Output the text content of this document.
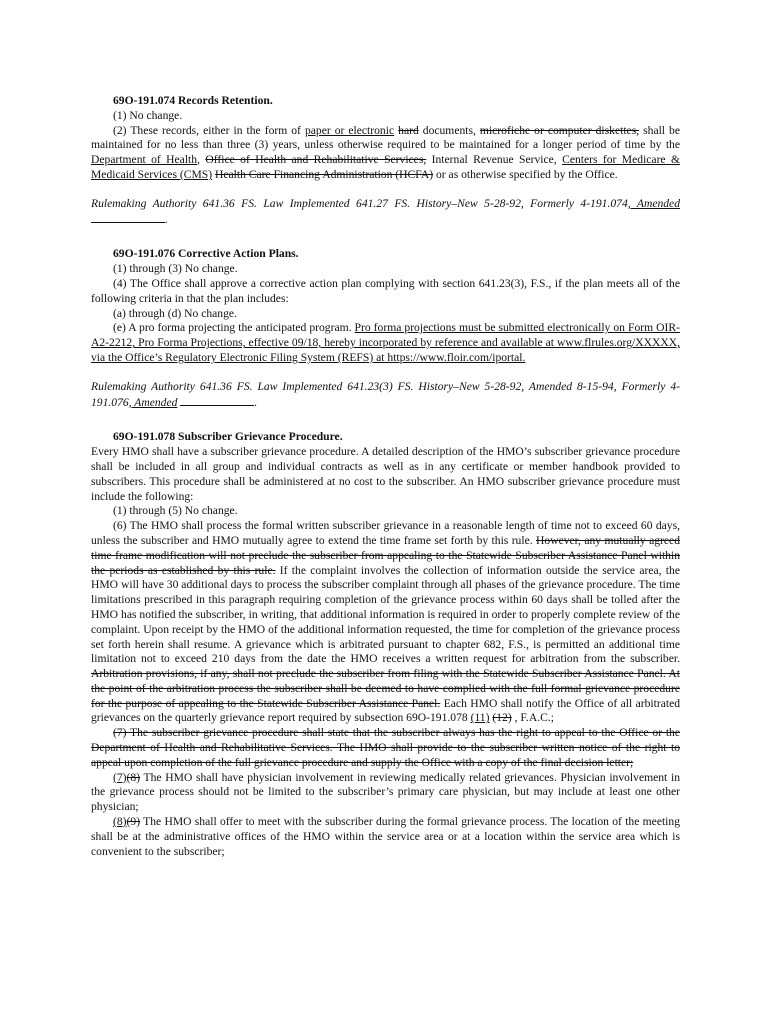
69O-191.074 Records Retention.

(1) No change.

(2) These records, either in the form of paper or electronic hard documents, microfiche or computer diskettes, shall be maintained for no less than three (3) years, unless otherwise required to be maintained for a longer period of time by the Department of Health, Office of Health and Rehabilitative Services, Internal Revenue Service, Centers for Medicare & Medicaid Services (CMS) Health Care Financing Administration (HCFA) or as otherwise specified by the Office.

Rulemaking Authority 641.36 FS. Law Implemented 641.27 FS. History–New 5-28-92, Formerly 4-191.074, Amended .

69O-191.076 Corrective Action Plans.

(1) through (3) No change.

(4) The Office shall approve a corrective action plan complying with section 641.23(3), F.S., if the plan meets all of the following criteria in that the plan includes:

(a) through (d) No change.

(e) A pro forma projecting the anticipated program. Pro forma projections must be submitted electronically on Form OIR-A2-2212, Pro Forma Projections, effective 09/18, hereby incorporated by reference and available at www.flrules.org/XXXXX, via the Office’s Regulatory Electronic Filing System (REFS) at https://www.floir.com/iportal.

Rulemaking Authority 641.36 FS. Law Implemented 641.23(3) FS. History–New 5-28-92, Amended 8-15-94, Formerly 4-191.076, Amended	.

69O-191.078 Subscriber Grievance Procedure.

Every HMO shall have a subscriber grievance procedure. A detailed description of the HMO’s subscriber grievance procedure shall be included in all group and individual contracts as well as in any certificate or member handbook provided to subscribers. This procedure shall be administered at no cost to the subscriber. An HMO subscriber grievance procedure must include the following:

(1) through (5) No change.

(6) The HMO shall process the formal written subscriber grievance in a reasonable length of time not to exceed 60 days, unless the subscriber and HMO mutually agree to extend the time frame set forth by this rule. However, any mutually agreed time frame modification will not preclude the subscriber from appealing to the Statewide Subscriber Assistance Panel within the periods as established by this rule. If the complaint involves the collection of information outside the service area, the HMO will have 30 additional days to process the subscriber complaint through all phases of the grievance procedure. The time limitations prescribed in this paragraph requiring completion of the grievance process within 60 days shall be tolled after the HMO has notified the subscriber, in writing, that additional information is required in order to properly complete review of the complaint. Upon receipt by the HMO of the additional information requested, the time for completion of the grievance process set forth herein shall resume. A grievance which is arbitrated pursuant to chapter 682, F.S., is permitted an additional time limitation not to exceed 210 days from the date the HMO receives a written request for arbitration from the subscriber. Arbitration provisions, if any, shall not preclude the subscriber from filing with the Statewide Subscriber Assistance Panel. At the point of the arbitration process the subscriber shall be deemed to have complied with the full formal grievance procedure for the purpose of appealing to the Statewide Subscriber Assistance Panel. Each HMO shall notify the Office of all arbitrated grievances on the quarterly grievance report required by subsection 69O-191.078 (11) (12) , F.A.C.;

(7) The subscriber grievance procedure shall state that the subscriber always has the right to appeal to the Office or the Department of Health and Rehabilitative Services. The HMO shall provide to the subscriber written notice of the right to appeal upon completion of the full grievance procedure and supply the Office with a copy of the final decision letter;

(7)(8) The HMO shall have physician involvement in reviewing medically related grievances. Physician involvement in the grievance process should not be limited to the subscriber’s primary care physician, but may include at least one other physician;

(8)(9) The HMO shall offer to meet with the subscriber during the formal grievance process. The location of the meeting shall be at the administrative offices of the HMO within the service area or at a location within the service area which is convenient to the subscriber;
